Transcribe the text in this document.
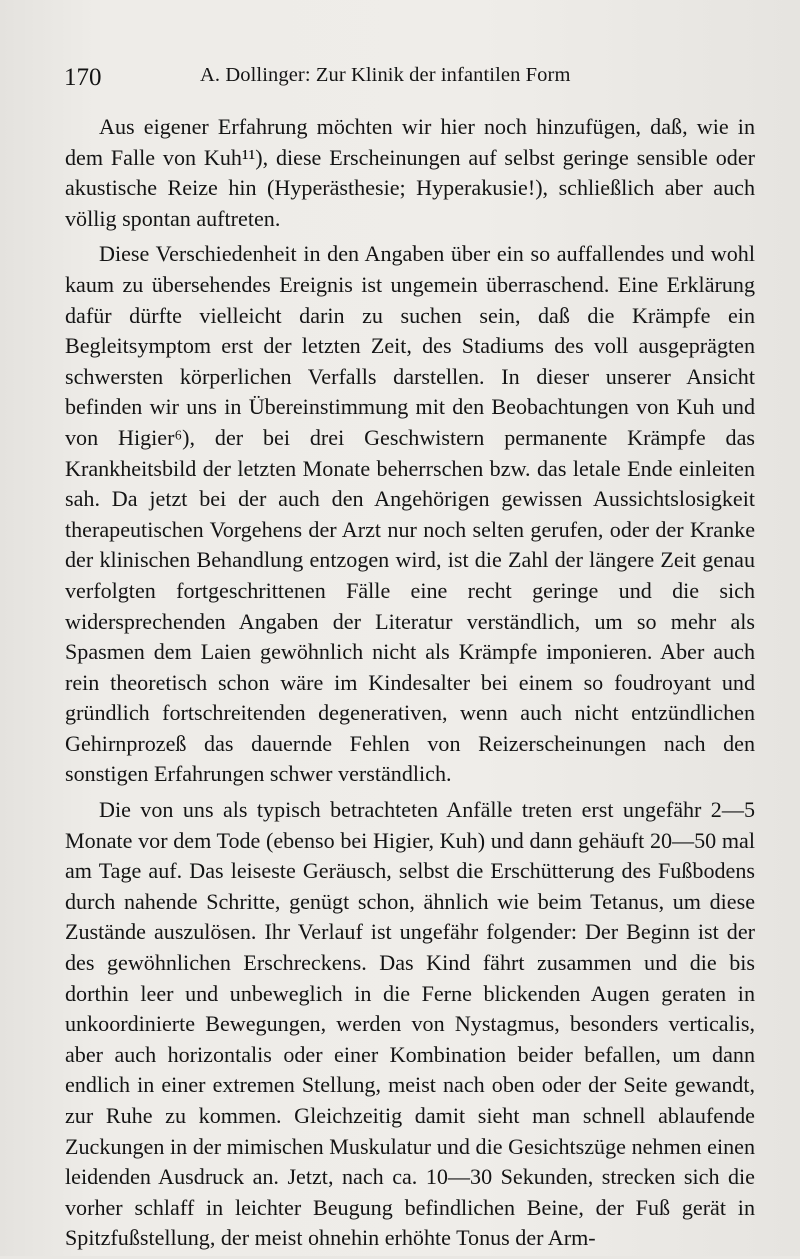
170	A. Dollinger: Zur Klinik der infantilen Form

Aus eigener Erfahrung möchten wir hier noch hinzufügen, daß, wie in dem Falle von Kuh¹¹), diese Erscheinungen auf selbst geringe sensible oder akustische Reize hin (Hyperästhesie; Hyperakusie!), schließlich aber auch völlig spontan auftreten.

Diese Verschiedenheit in den Angaben über ein so auffallendes und wohl kaum zu übersehendes Ereignis ist ungemein überraschend. Eine Erklärung dafür dürfte vielleicht darin zu suchen sein, daß die Krämpfe ein Begleitsymptom erst der letzten Zeit, des Stadiums des voll ausgeprägten schwersten körperlichen Verfalls darstellen. In dieser unserer Ansicht befinden wir uns in Übereinstimmung mit den Beobachtungen von Kuh und von Higier⁶), der bei drei Geschwistern permanente Krämpfe das Krankheitsbild der letzten Monate beherrschen bzw. das letale Ende einleiten sah. Da jetzt bei der auch den Angehörigen gewissen Aussichtslosigkeit therapeutischen Vorgehens der Arzt nur noch selten gerufen, oder der Kranke der klinischen Behandlung entzogen wird, ist die Zahl der längere Zeit genau verfolgten fortgeschrittenen Fälle eine recht geringe und die sich widersprechenden Angaben der Literatur verständlich, um so mehr als Spasmen dem Laien gewöhnlich nicht als Krämpfe imponieren. Aber auch rein theoretisch schon wäre im Kindesalter bei einem so foudroyant und gründlich fortschreitenden degenerativen, wenn auch nicht entzündlichen Gehirnprozeß das dauernde Fehlen von Reizerscheinungen nach den sonstigen Erfahrungen schwer verständlich.

Die von uns als typisch betrachteten Anfälle treten erst ungefähr 2—5 Monate vor dem Tode (ebenso bei Higier, Kuh) und dann gehäuft 20—50 mal am Tage auf. Das leiseste Geräusch, selbst die Erschütterung des Fußbodens durch nahende Schritte, genügt schon, ähnlich wie beim Tetanus, um diese Zustände auszulösen. Ihr Verlauf ist ungefähr folgender: Der Beginn ist der des gewöhnlichen Erschreckens. Das Kind fährt zusammen und die bis dorthin leer und unbeweglich in die Ferne blickenden Augen geraten in unkoordinierte Bewegungen, werden von Nystagmus, besonders verticalis, aber auch horizontalis oder einer Kombination beider befallen, um dann endlich in einer extremen Stellung, meist nach oben oder der Seite gewandt, zur Ruhe zu kommen. Gleichzeitig damit sieht man schnell ablaufende Zuckungen in der mimischen Muskulatur und die Gesichtszüge nehmen einen leidenden Ausdruck an. Jetzt, nach ca. 10—30 Sekunden, strecken sich die vorher schlaff in leichter Beugung befindlichen Beine, der Fuß gerät in Spitzfußstellung, der meist ohnehin erhöhte Tonus der Arm-
